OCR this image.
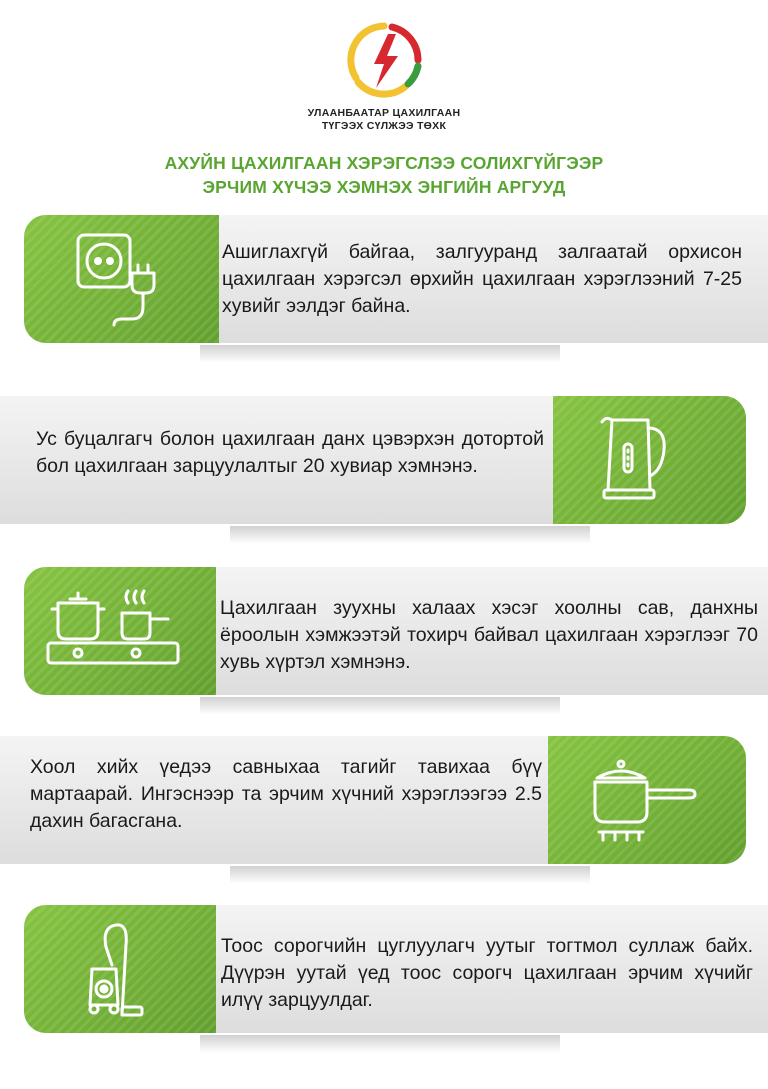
УЛААНБААТАР ЦАХИЛГААН
ТҮГЭЭХ СҮЛЖЭЭ ТӨХК
АХУЙН ЦАХИЛГААН ХЭРЭГСЛЭЭ СОЛИХГҮЙГЭЭР
ЭРЧИМ ХҮЧЭЭ ХЭМНЭХ ЭНГИЙН АРГУУД
Ашиглахгүй байгаа, залгууранд залгаатай орхисон цахилгаан хэрэгсэл өрхийн цахилгаан хэрэглээний 7-25 хувийг ээлдэг байна.
Ус буцалгагч болон цахилгаан данх цэвэрхэн дотортой бол цахилгаан зарцуулалтыг 20 хувиар хэмнэнэ.
Цахилгаан зуухны халаах хэсэг хоолны сав, данхны ёроолын хэмжээтэй тохирч байвал цахилгаан хэрэглээг 70 хувь хүртэл хэмнэнэ.
Хоол хийх үедээ савныхаа тагийг тавихаа бүү мартаарай. Ингэснээр та эрчим хүчний хэрэглээгээ 2.5 дахин багасгана.
Тоос сорогчийн цуглуулагч уутыг тогтмол суллаж байх. Дүүрэн уутай үед тоос сорогч цахилгаан эрчим хүчийг илүү зарцуулдаг.
